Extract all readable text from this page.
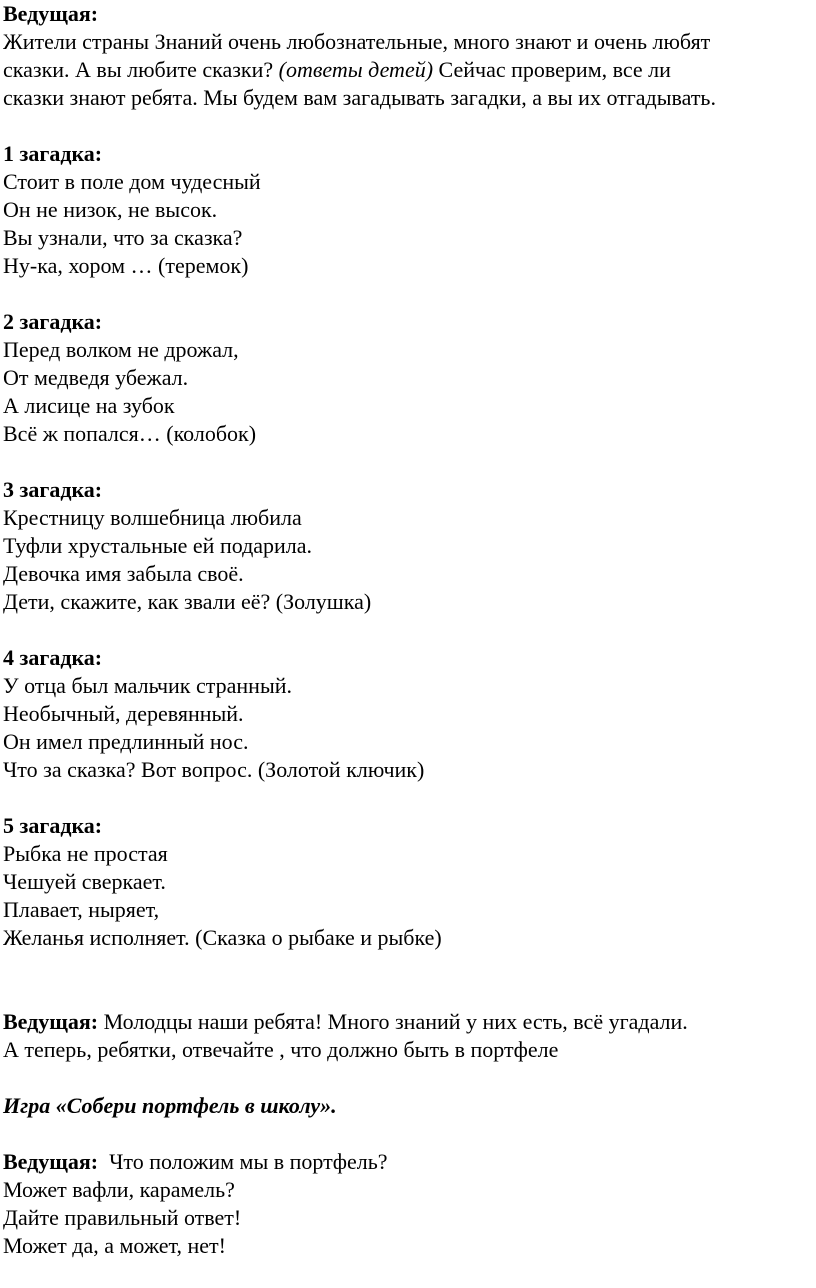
Ведущая:
Жители страны Знаний очень любознательные, много знают и очень любят
сказки. А вы любите сказки? (ответы детей) Сейчас проверим, все ли
сказки знают ребята. Мы будем вам загадывать загадки, а вы их отгадывать.
1 загадка:
Стоит в поле дом чудесный
Он не низок, не высок.
Вы узнали, что за сказка?
Ну-ка, хором … (теремок)
2 загадка:
Перед волком не дрожал,
От медведя убежал.
А лисице на зубок
Всё ж попался… (колобок)
3 загадка:
Крестницу волшебница любила
Туфли хрустальные ей подарила.
Девочка имя забыла своё.
Дети, скажите, как звали её? (Золушка)
4 загадка:
У отца был мальчик странный.
Необычный, деревянный.
Он имел предлинный нос.
Что за сказка? Вот вопрос. (Золотой ключик)
5 загадка:
Рыбка не простая
Чешуей сверкает.
Плавает, ныряет,
Желанья исполняет. (Сказка о рыбаке и рыбке)
Ведущая: Молодцы наши ребята! Много знаний у них есть, всё угадали.
А теперь, ребятки, отвечайте , что должно быть в портфеле
Игра «Собери портфель в школу».
Ведущая:  Что положим мы в портфель?
Может вафли, карамель?
Дайте правильный ответ!
Может да, а может, нет!
